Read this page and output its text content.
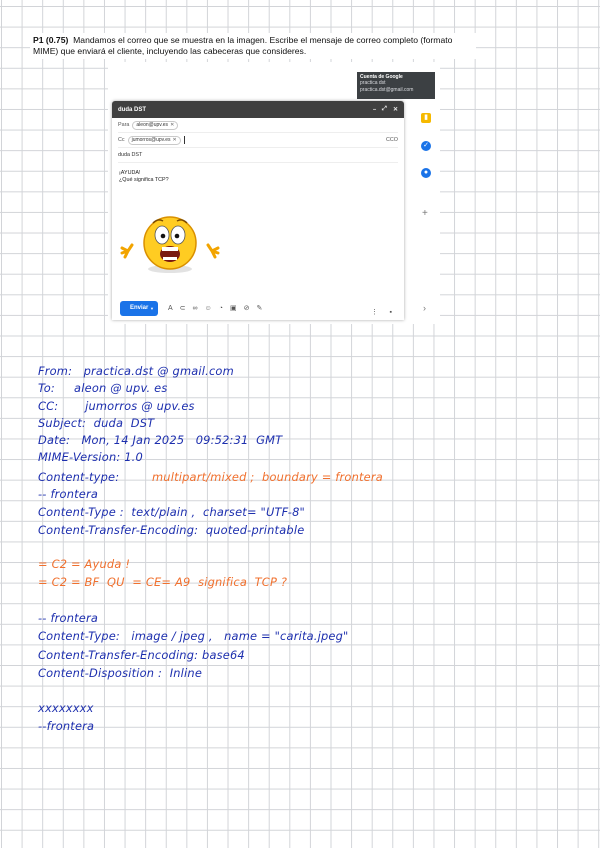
P1 (0.75) Mandamos el correo que se muestra en la imagen. Escribe el mensaje de correo completo (formato MIME) que enviará el cliente, incluyendo las cabeceras que consideres.
Cuenta de Google
practica dst
practica.dst@gmail.com
duda DST	– ⤢ ✕
Para	aleon@upv.es ✕
Cc	jumorros@upv.es ✕	CCO
duda DST
¡AYUDA!
¿Qué significa TCP?
Enviar ▼ A ⊂ ∞ ☺ ◔ ▣ ⊘ ✎
⋮ ▪
▮
✓
●
+
›
From:   practica.dst @ gmail.com
To:     aleon @ upv. es
CC:       jumorros @ upv.es
Subject:  duda  DST
Date:   Mon, 14 Jan 2025   09:52:31  GMT
MIME-Version: 1.0
Content-type:	multipart/mixed ;  boundary = frontera
-- frontera
Content-Type :  text/plain ,  charset= "UTF-8"
Content-Transfer-Encoding:  quoted-printable
= C2 = Ayuda !
= C2 = BF  QU  = CE= A9  significa  TCP ?
-- frontera
Content-Type:   image / jpeg ,   name = "carita.jpeg"
Content-Transfer-Encoding: base64
Content-Disposition :  Inline
xxxxxxxx
--frontera
